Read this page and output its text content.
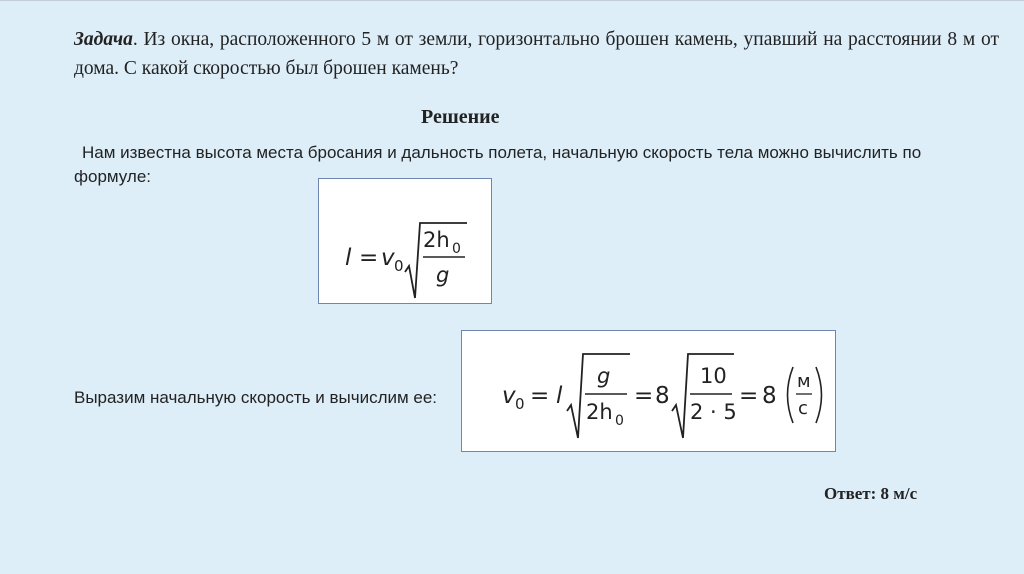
Задача. Из окна, расположенного 5 м от земли, горизонтально брошен камень, упавший на расстоянии 8 м от дома. С какой скоростью был брошен камень?
Решение
Нам известна высота места бросания и дальность полета, начальную скорость тела можно вычислить по формуле:
l = v 0
2h 0
g
Выразим начальную скорость и вычислим ее:	v 0 = l
g
2h 0
= 8
10
2 · 5
= 8
м
с
Ответ: 8 м/с
